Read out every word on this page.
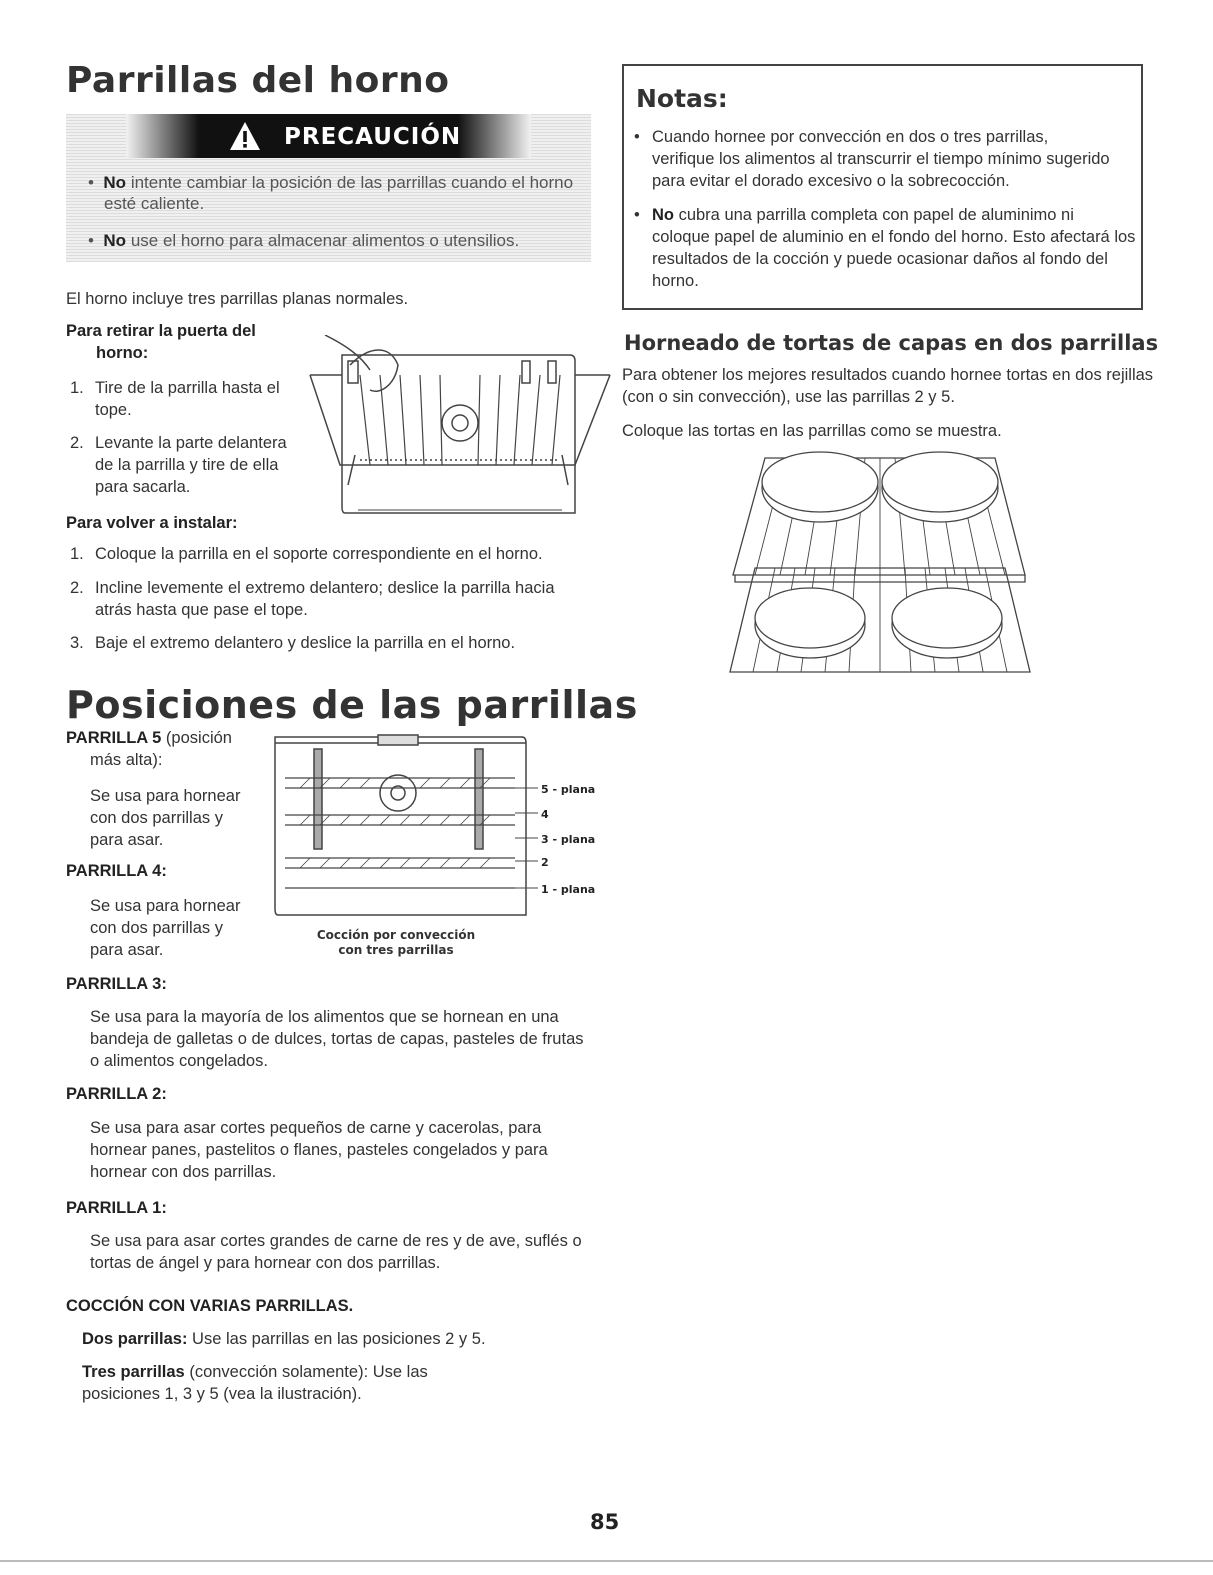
Parrillas del horno
PRECAUCIÓN
• No intente cambiar la posición de las parrillas cuando el horno
esté caliente.
• No use el horno para almacenar alimentos o utensilios.
El horno incluye tres parrillas planas normales.
Para retirar la puerta del
horno:
1. Tire de la parrilla hasta el

tope.
2. Levante la parte delantera
de la parrilla y tire de ella
para sacarla.
Para volver a instalar:
1. Coloque la parrilla en el soporte correspondiente en el horno.
2. Incline levemente el extremo delantero; deslice la parrilla hacia
atrás hasta que pase el tope.
3. Baje el extremo delantero y deslice la parrilla en el horno.
Posiciones de las parrillas
PARRILLA 5 (posición
más alta):
Se usa para hornear
con dos parrillas y
para asar.
PARRILLA 4:
Se usa para hornear
con dos parrillas y
para asar.
5 - plana
4
3 - plana
2
1 - plana
Cocción por convección
con tres parrillas
PARRILLA 3:
Se usa para la mayoría de los alimentos que se hornean en una
bandeja de galletas o de dulces, tortas de capas, pasteles de frutas
o alimentos congelados.
PARRILLA 2:
Se usa para asar cortes pequeños de carne y cacerolas, para
hornear panes, pastelitos o flanes, pasteles congelados y para
hornear con dos parrillas.
PARRILLA 1:
Se usa para asar cortes grandes de carne de res y de ave, suflés o
tortas de ángel y para hornear con dos parrillas.
COCCIÓN CON VARIAS PARRILLAS.
Dos parrillas: Use las parrillas en las posiciones 2 y 5.
Tres parrillas (convección solamente): Use las
posiciones 1, 3 y 5 (vea la ilustración).
Notas:
• Cuando hornee por convección en dos o tres parrillas,
verifique los alimentos al transcurrir el tiempo mínimo sugerido
para evitar el dorado excesivo o la sobrecocción.
• No cubra una parrilla completa con papel de aluminimo ni
coloque papel de aluminio en el fondo del horno. Esto afectará los
resultados de la cocción y puede ocasionar daños al fondo del
horno.
Horneado de tortas de capas en dos parrillas
Para obtener los mejores resultados cuando hornee tortas en dos rejillas
(con o sin convección), use las parrillas 2 y 5.
Coloque las tortas en las parrillas como se muestra.
85
